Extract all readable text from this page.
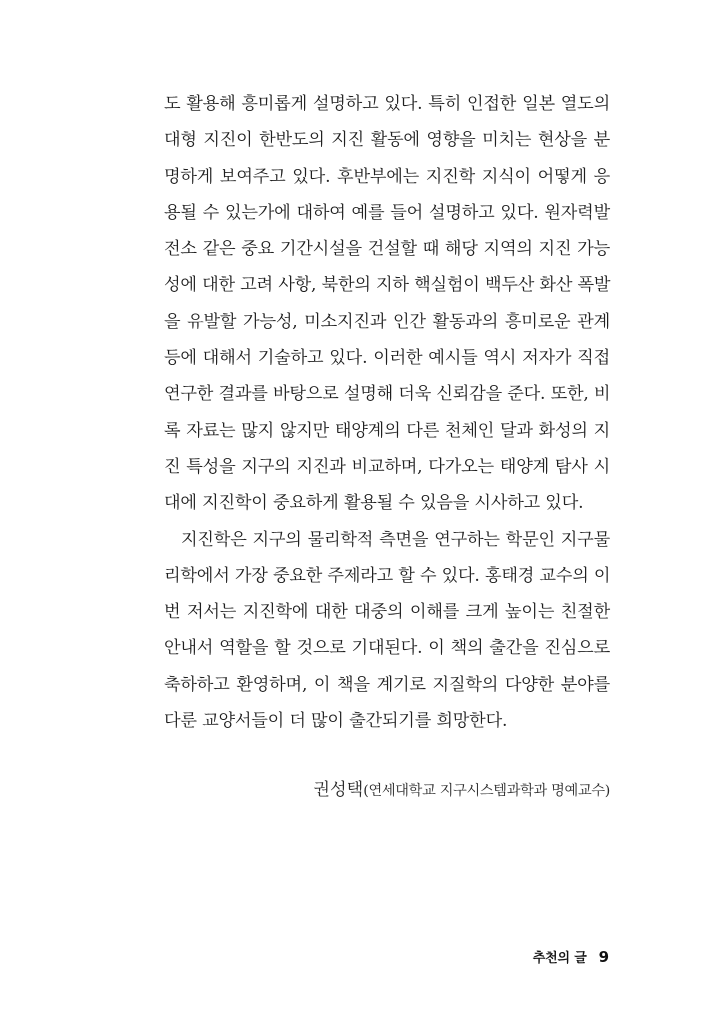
도 활용해 흥미롭게 설명하고 있다. 특히 인접한 일본 열도의
대형 지진이 한반도의 지진 활동에 영향을 미치는 현상을 분
명하게 보여주고 있다. 후반부에는 지진학 지식이 어떻게 응
용될 수 있는가에 대하여 예를 들어 설명하고 있다. 원자력발
전소 같은 중요 기간시설을 건설할 때 해당 지역의 지진 가능
성에 대한 고려 사항, 북한의 지하 핵실험이 백두산 화산 폭발
을 유발할 가능성, 미소지진과 인간 활동과의 흥미로운 관계
등에 대해서 기술하고 있다. 이러한 예시들 역시 저자가 직접
연구한 결과를 바탕으로 설명해 더욱 신뢰감을 준다. 또한, 비
록 자료는 많지 않지만 태양계의 다른 천체인 달과 화성의 지
진 특성을 지구의 지진과 비교하며, 다가오는 태양계 탐사 시
대에 지진학이 중요하게 활용될 수 있음을 시사하고 있다.
지진학은 지구의 물리학적 측면을 연구하는 학문인 지구물
리학에서 가장 중요한 주제라고 할 수 있다. 홍태경 교수의 이
번 저서는 지진학에 대한 대중의 이해를 크게 높이는 친절한
안내서 역할을 할 것으로 기대된다. 이 책의 출간을 진심으로
축하하고 환영하며, 이 책을 계기로 지질학의 다양한 분야를
다룬 교양서들이 더 많이 출간되기를 희망한다.
권성택(연세대학교 지구시스템과학과 명예교수)
추천의 글 9
